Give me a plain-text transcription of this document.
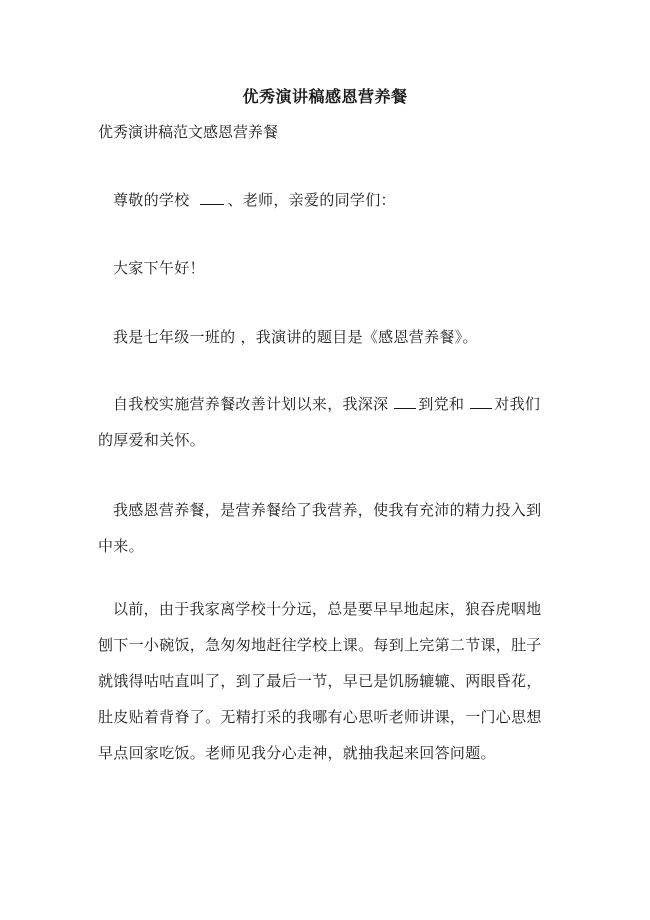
优秀演讲稿感恩营养餐
优秀演讲稿范文感恩营养餐

尊敬的学校	、老师，亲爱的同学们：

大家下午好！

我是七年级一班的 ，我演讲的题目是《感恩营养餐》。

自我校实施营养餐改善计划以来，我深深 到党和 对我们的厚爱和关怀。

我感恩营养餐，是营养餐给了我营养，使我有充沛的精力投入到中来。

以前，由于我家离学校十分远，总是要早早地起床，狼吞虎咽地刨下一小碗饭，急匆匆地赶往学校上课。每到上完第二节课，肚子就饿得咕咕直叫了，到了最后一节，早已是饥肠辘辘、两眼昏花，肚皮贴着背脊了。无精打采的我哪有心思听老师讲课，一门心思想早点回家吃饭。老师见我分心走神，就抽我起来回答问题。
